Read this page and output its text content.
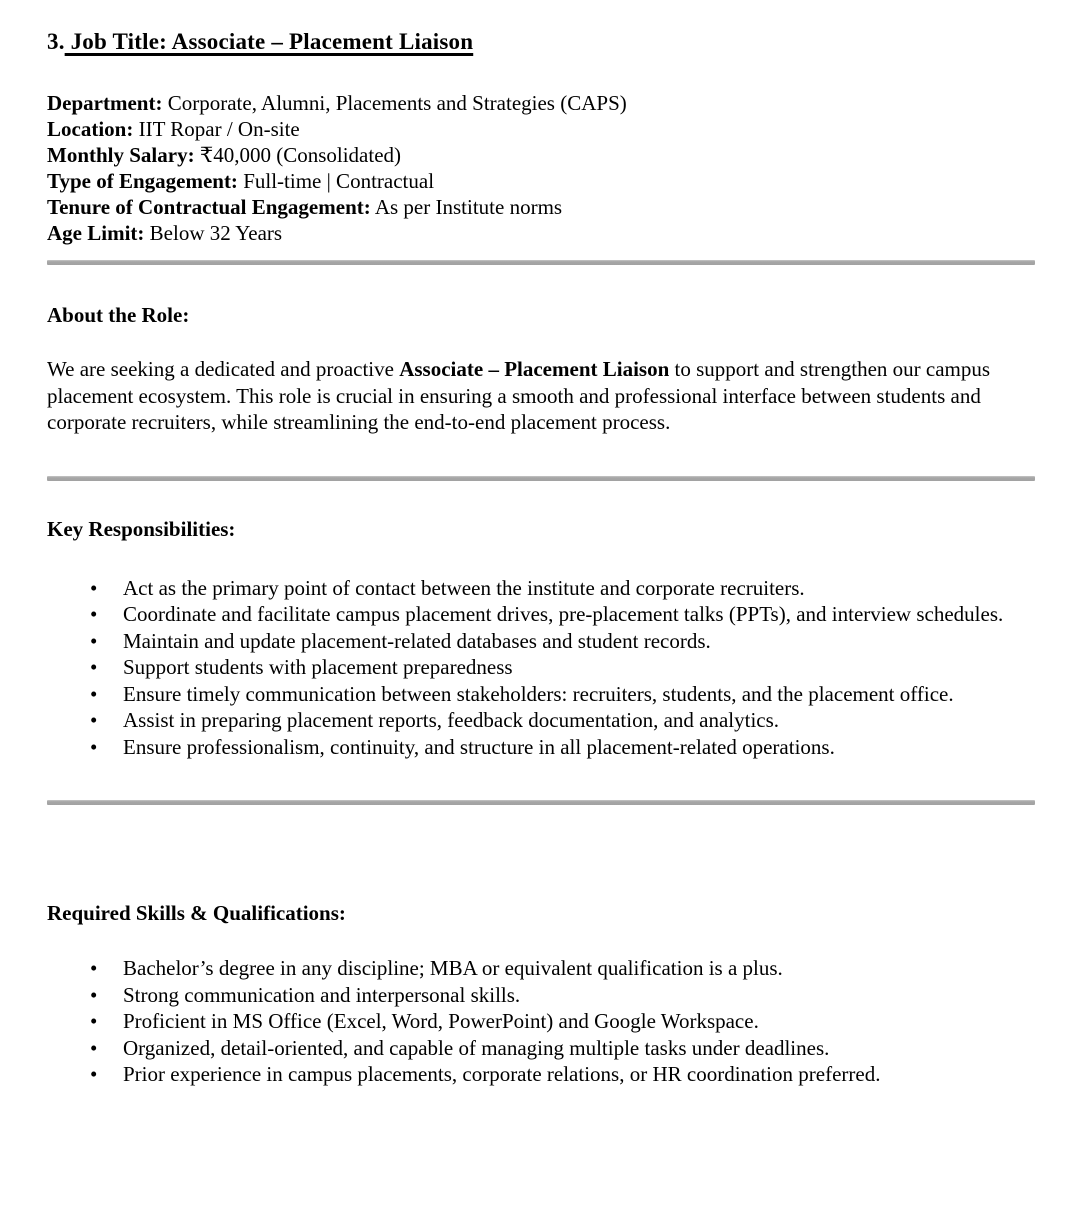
3. Job Title: Associate – Placement Liaison
Department: Corporate, Alumni, Placements and Strategies (CAPS)
Location: IIT Ropar / On-site
Monthly Salary: ₹40,000 (Consolidated)
Type of Engagement: Full-time | Contractual
Tenure of Contractual Engagement: As per Institute norms
Age Limit: Below 32 Years
About the Role:

We are seeking a dedicated and proactive Associate – Placement Liaison to support and strengthen our campus placement ecosystem. This role is crucial in ensuring a smooth and professional interface between students and corporate recruiters, while streamlining the end-to-end placement process.

Key Responsibilities:
• Act as the primary point of contact between the institute and corporate recruiters.
• Coordinate and facilitate campus placement drives, pre-placement talks (PPTs), and interview schedules.
• Maintain and update placement-related databases and student records.
• Support students with placement preparedness
• Ensure timely communication between stakeholders: recruiters, students, and the placement office.
• Assist in preparing placement reports, feedback documentation, and analytics.
• Ensure professionalism, continuity, and structure in all placement-related operations.
Required Skills & Qualifications:
• Bachelor’s degree in any discipline; MBA or equivalent qualification is a plus.
• Strong communication and interpersonal skills.
• Proficient in MS Office (Excel, Word, PowerPoint) and Google Workspace.
• Organized, detail-oriented, and capable of managing multiple tasks under deadlines.
• Prior experience in campus placements, corporate relations, or HR coordination preferred.
